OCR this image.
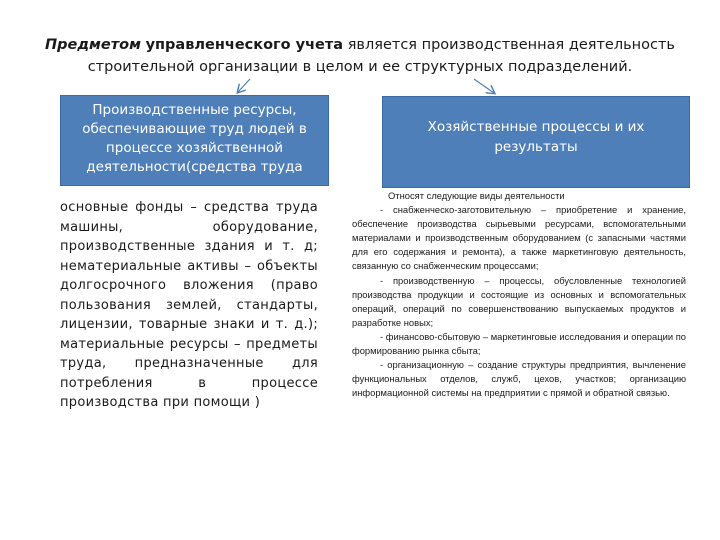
Предметом управленческого учета является производственная деятельность строительной организации в целом и ее структурных подразделений.
Производственные ресурсы, обеспечивающие труд людей в процессе хозяйственной деятельности(средства труда
Хозяйственные процессы и их результаты
основные фонды – средства труда машины, оборудование, производственные здания и т. д; нематериальные активы – объекты долгосрочного вложения (право пользования землей, стандарты, лицензии, товарные знаки и т. д.); материальные ресурсы – предметы труда, предназначенные для потребления в процессе производства при помощи )

Относят следующие виды деятельности

- снабженческо-заготовительную – приобретение и хранение, обеспечение производства сырьевыми ресурсами, вспомогательными материалами и производственным оборудованием (с запасными частями для его содержания и ремонта), а также маркетинговую деятельность, связанную со снабженческим процессами;

- производственную – процессы, обусловленные технологией производства продукции и состоящие из основных и вспомогательных операций, операций по совершенствованию выпускаемых продуктов и разработке новых;

- финансово-сбытовую – маркетинговые исследования и операции по формированию рынка сбыта;

- организационную – создание структуры предприятия, вычленение функциональных отделов, служб, цехов, участков; организацию информационной системы на предприятии с прямой и обратной связью.
